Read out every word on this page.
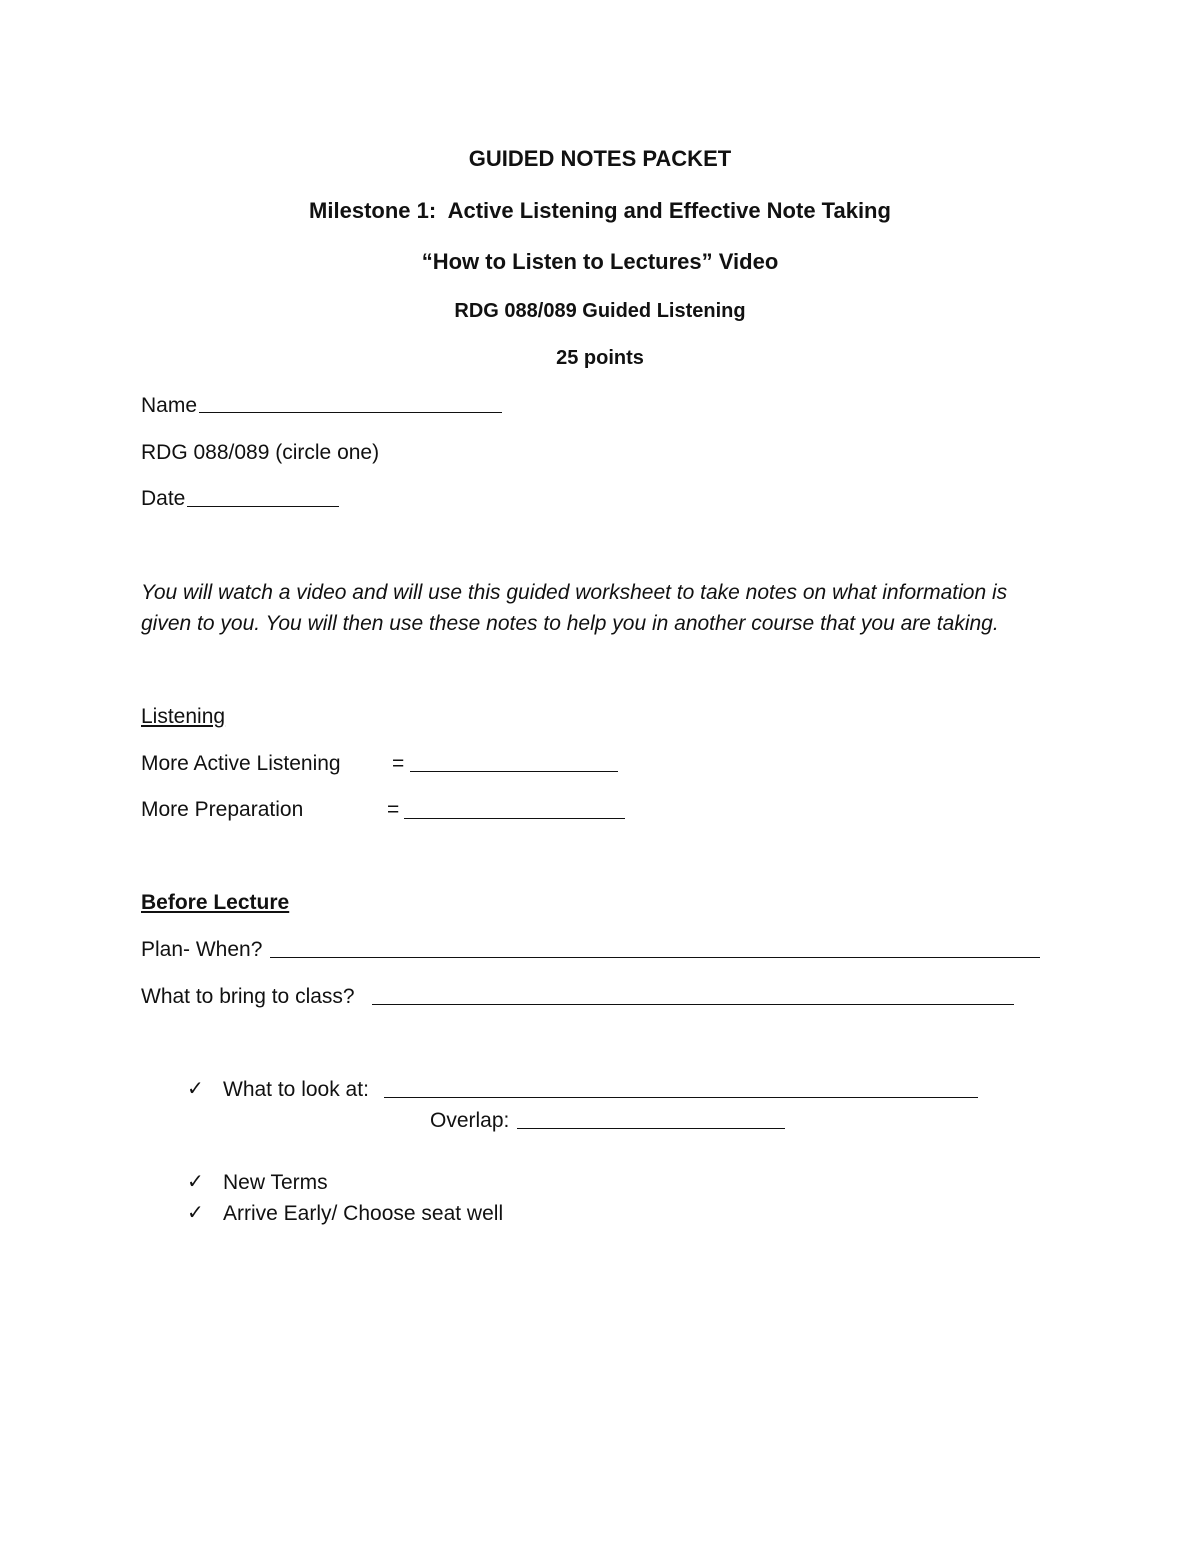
GUIDED NOTES PACKET
Milestone 1:  Active Listening and Effective Note Taking
“How to Listen to Lectures” Video
RDG 088/089 Guided Listening
25 points
Name
RDG 088/089 (circle one)
Date
You will watch a video and will use this guided worksheet to take notes on what information is
given to you. You will then use these notes to help you in another course that you are taking.
Listening
More Active Listening =
More Preparation	=
Before Lecture
Plan- When?
What to bring to class?
✓ What to look at:
Overlap:
✓ New Terms
✓ Arrive Early/ Choose seat well
